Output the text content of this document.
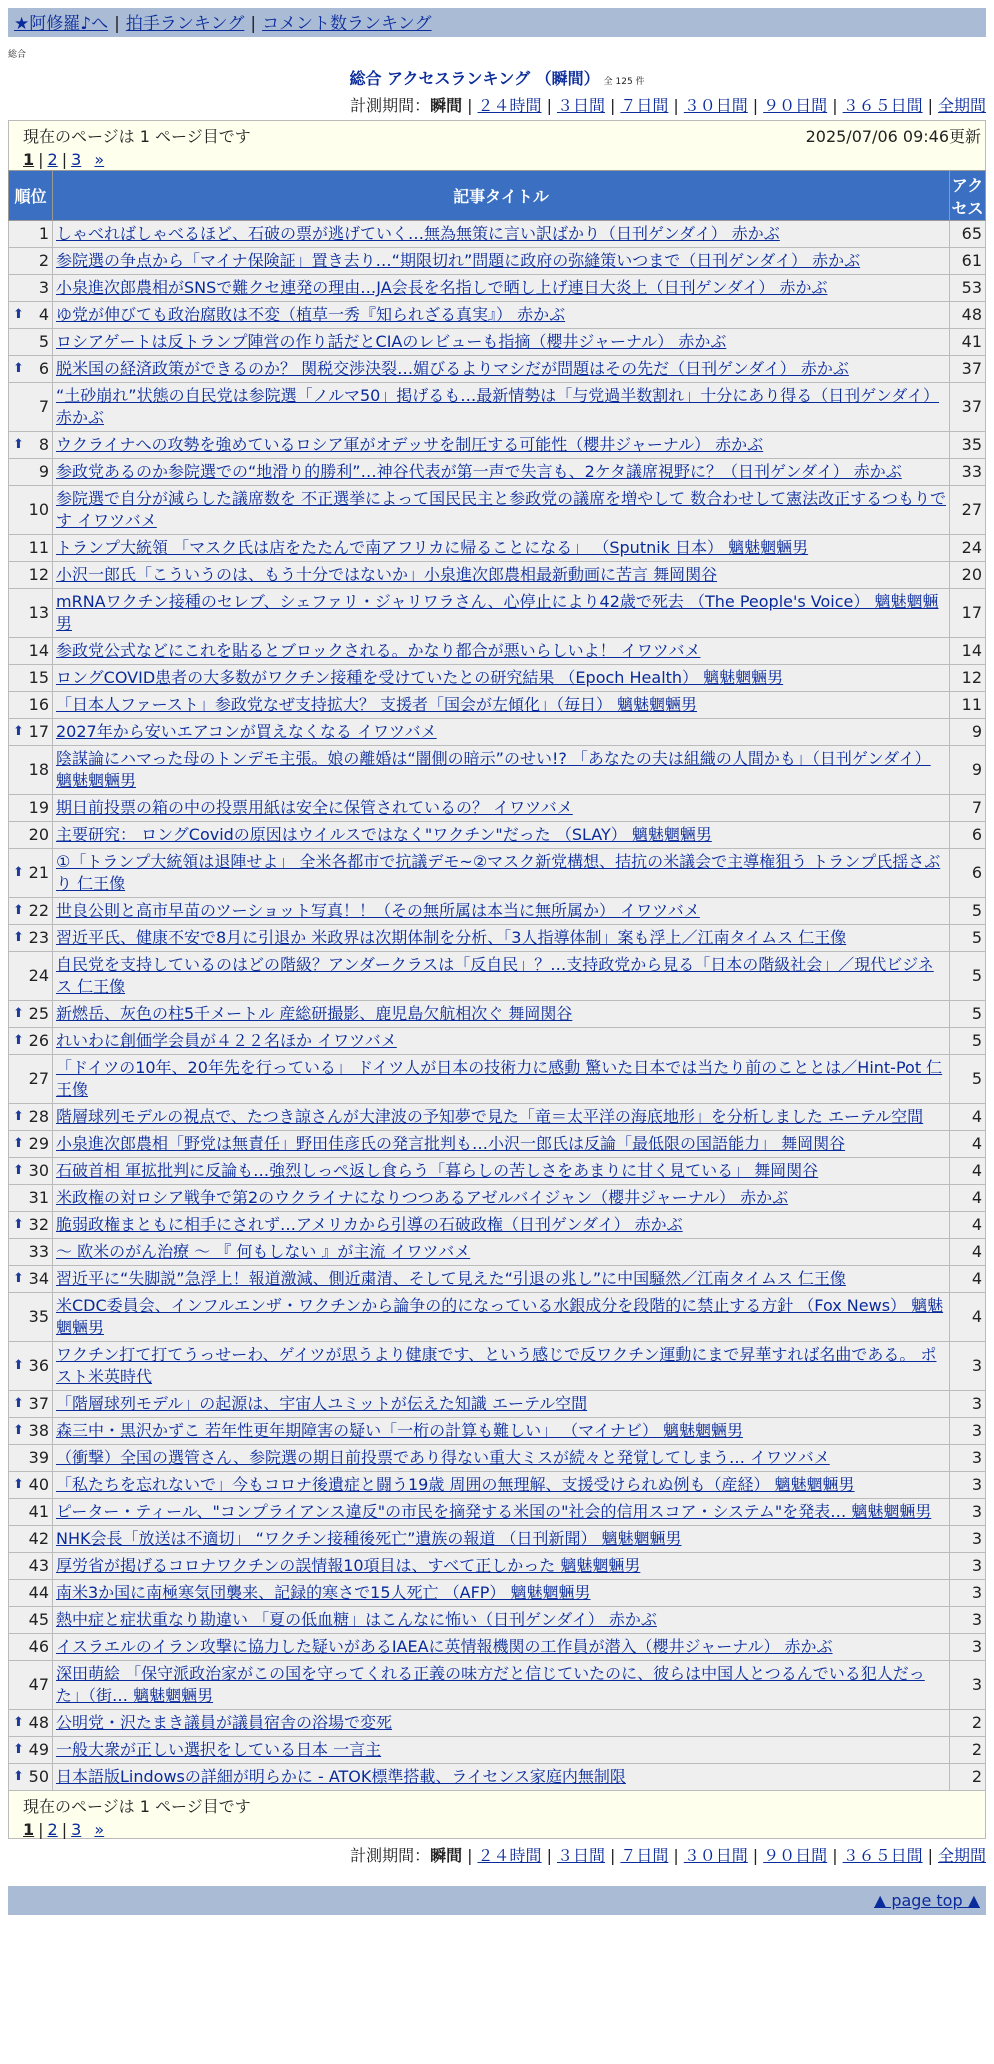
★阿修羅♪へ | 拍手ランキング | コメント数ランキング
総合
総合 アクセスランキング （瞬間） 全 125 件
計測期間：瞬間 | ２４時間 | ３日間 | ７日間 | ３０日間 | ９０日間 | ３６５日間 | 全期間
現在のページは 1 ページ目です	2025/07/06 09:46更新
1 | 2 | 3 »
順位	記事タイトル	アクセス
1	しゃべればしゃべるほど、石破の票が逃げていく…無為無策に言い訳ばかり（日刊ゲンダイ） 赤かぶ	65
2	参院選の争点から「マイナ保険証」置き去り…“期限切れ”問題に政府の弥縫策いつまで（日刊ゲンダイ） 赤かぶ	61
3	小泉進次郎農相がSNSで難クセ連発の理由…JA会長を名指しで晒し上げ連日大炎上（日刊ゲンダイ） 赤かぶ	53

⬆ 4	ゆ党が伸びても政治腐敗は不変（植草一秀『知られざる真実』） 赤かぶ	48
5	ロシアゲートは反トランプ陣営の作り話だとCIAのレビューも指摘（櫻井ジャーナル） 赤かぶ	41

⬆ 6	脱米国の経済政策ができるのか？ 関税交渉決裂…媚びるよりマシだが問題はその先だ（日刊ゲンダイ） 赤かぶ	37
7	“土砂崩れ”状態の自民党は参院選「ノルマ50」掲げるも…最新情勢は「与党過半数割れ」十分にあり得る（日刊ゲンダイ） 赤かぶ	37

⬆ 8	ウクライナへの攻勢を強めているロシア軍がオデッサを制圧する可能性（櫻井ジャーナル） 赤かぶ	35
9	参政党あるのか参院選での“地滑り的勝利”…神谷代表が第一声で失言も、2ケタ議席視野に？（日刊ゲンダイ） 赤かぶ	33
10	参院選で自分が減らした議席数を 不正選挙によって国民民主と参政党の議席を増やして 数合わせして憲法改正するつもりです イワツバメ	27
11	トランプ大統領 「マスク氏は店をたたんで南アフリカに帰ることになる」 （Sputnik 日本） 魑魅魍魎男	24
12	小沢一郎氏「こういうのは、もう十分ではないか」小泉進次郎農相最新動画に苦言 舞岡関谷	20
13	mRNAワクチン接種のセレブ、シェファリ・ジャリワラさん、心停止により42歳で死去 （The People's Voice） 魑魅魍魎男	17
14	参政党公式などにこれを貼るとブロックされる。かなり都合が悪いらしいよ！ イワツバメ	14
15	ロングCOVID患者の大多数がワクチン接種を受けていたとの研究結果 （Epoch Health） 魑魅魍魎男	12
16	「日本人ファースト」参政党なぜ支持拡大？ 支援者「国会が左傾化」（毎日） 魑魅魍魎男	11

⬆ 17	2027年から安いエアコンが買えなくなる イワツバメ	9
18	陰謀論にハマった母のトンデモ主張。娘の離婚は“闇側の暗示”のせい!? 「あなたの夫は組織の人間かも」（日刊ゲンダイ） 魑魅魍魎男	9
19	期日前投票の箱の中の投票用紙は安全に保管されているの？ イワツバメ	7
20	主要研究： ロングCovidの原因はウイルスではなく"ワクチン"だった （SLAY） 魑魅魍魎男	6

⬆ 21	①「トランプ大統領は退陣せよ」 全米各都市で抗議デモ~②マスク新党構想、拮抗の米議会で主導権狙う トランプ氏揺さぶり 仁王像	6

⬆ 22	世良公則と高市早苗のツーショット写真！！（その無所属は本当に無所属か） イワツバメ	5

⬆ 23	習近平氏、健康不安で8月に引退か 米政界は次期体制を分析、「3人指導体制」案も浮上／江南タイムス 仁王像	5
24	自民党を支持しているのはどの階級？アンダークラスは「反自民」？…支持政党から見る「日本の階級社会」／現代ビジネス 仁王像	5

⬆ 25	新燃岳、灰色の柱5千メートル 産総研撮影、鹿児島欠航相次ぐ 舞岡関谷	5

⬆ 26	れいわに創価学会員が４２２名ほか イワツバメ	5
27	「ドイツの10年、20年先を行っている」 ドイツ人が日本の技術力に感動 驚いた日本では当たり前のこととは／Hint-Pot 仁王像	5

⬆ 28	階層球列モデルの視点で、たつき諒さんが大津波の予知夢で見た「竜＝太平洋の海底地形」を分析しました エーテル空間	4

⬆ 29	小泉進次郎農相「野党は無責任」野田佳彦氏の発言批判も…小沢一郎氏は反論「最低限の国語能力」 舞岡関谷	4

⬆ 30	石破首相 軍拡批判に反論も…強烈しっぺ返し食らう「暮らしの苦しさをあまりに甘く見ている」 舞岡関谷	4
31	米政権の対ロシア戦争で第2のウクライナになりつつあるアゼルバイジャン（櫻井ジャーナル） 赤かぶ	4

⬆ 32	脆弱政権まともに相手にされず…アメリカから引導の石破政権（日刊ゲンダイ） 赤かぶ	4
33	～ 欧米のがん治療 ～ 『 何もしない 』が主流 イワツバメ	4

⬆ 34	習近平に“失脚説”急浮上！報道激減、側近粛清、そして見えた“引退の兆し”に中国騒然／江南タイムス 仁王像	4
35	米CDC委員会、インフルエンザ・ワクチンから論争の的になっている水銀成分を段階的に禁止する方針 （Fox News） 魑魅魍魎男	4

⬆ 36	ワクチン打て打てうっせーわ、ゲイツが思うより健康です、という感じで反ワクチン運動にまで昇華すれば名曲である。 ポスト米英時代	3

⬆ 37	「階層球列モデル」の起源は、宇宙人ユミットが伝えた知識 エーテル空間	3

⬆ 38	森三中・黒沢かずこ 若年性更年期障害の疑い「一桁の計算も難しい」 （マイナビ） 魑魅魍魎男	3
39	（衝撃）全国の選管さん、参院選の期日前投票であり得ない重大ミスが続々と発覚してしまう… イワツバメ	3

⬆ 40	「私たちを忘れないで」今もコロナ後遺症と闘う19歳 周囲の無理解、支援受けられぬ例も（産経） 魑魅魍魎男	3
41	ピーター・ティール、"コンプライアンス違反"の市民を摘発する米国の"社会的信用スコア・システム"を発表… 魑魅魍魎男	3
42	NHK会長「放送は不適切」 “ワクチン接種後死亡”遺族の報道 （日刊新聞） 魑魅魍魎男	3
43	厚労省が掲げるコロナワクチンの誤情報10項目は、すべて正しかった 魑魅魍魎男	3
44	南米3か国に南極寒気団襲来、記録的寒さで15人死亡 （AFP） 魑魅魍魎男	3
45	熱中症と症状重なり勘違い 「夏の低血糖」はこんなに怖い（日刊ゲンダイ） 赤かぶ	3
46	イスラエルのイラン攻撃に協力した疑いがあるIAEAに英情報機関の工作員が潜入（櫻井ジャーナル） 赤かぶ	3
47	深田萌絵 「保守派政治家がこの国を守ってくれる正義の味方だと信じていたのに、彼らは中国人とつるんでいる犯人だった」（街… 魑魅魍魎男	3

⬆ 48	公明党・沢たまき議員が議員宿舎の浴場で変死	2

⬆ 49	一般大衆が正しい選択をしている日本 一言主	2

⬆ 50	日本語版Lindowsの詳細が明らかに - ATOK標準搭載、ライセンス家庭内無制限	2
現在のページは 1 ページ目です
1 | 2 | 3 »
計測期間：瞬間 | ２４時間 | ３日間 | ７日間 | ３０日間 | ９０日間 | ３６５日間 | 全期間
▲ page top ▲
